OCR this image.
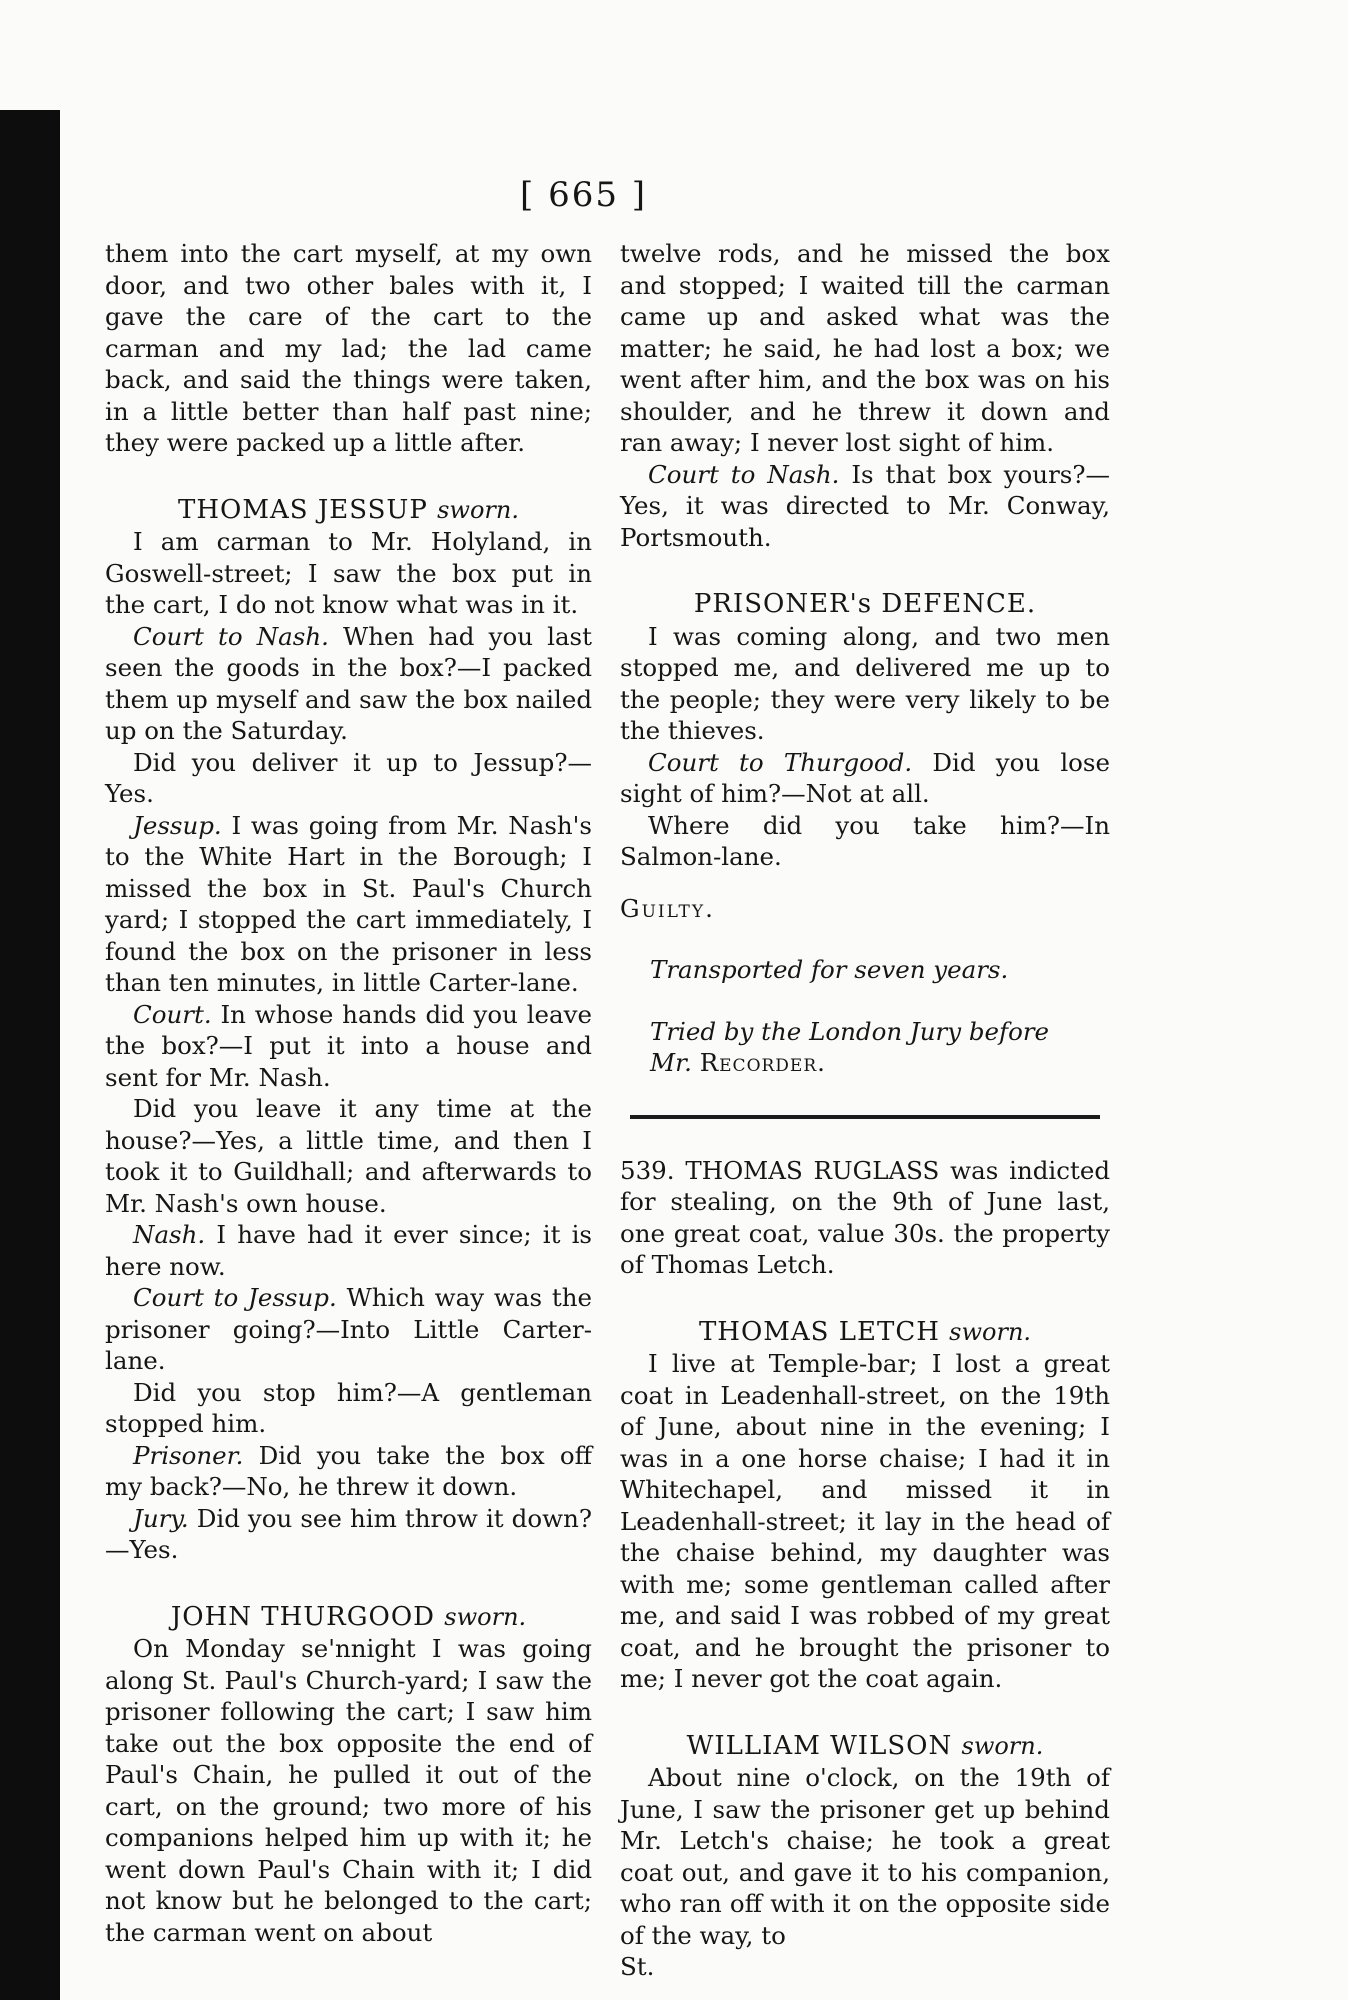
[ 665 ]

them into the cart myself, at my own door, and two other bales with it, I gave the care of the cart to the carman and my lad; the lad came back, and said the things were taken, in a little better than half past nine; they were packed up a little after.

THOMAS JESSUP sworn.

I am carman to Mr. Holyland, in Goswell-street; I saw the box put in the cart, I do not know what was in it.

Court to Nash. When had you last seen the goods in the box?—I packed them up myself and saw the box nailed up on the Saturday.

Did you deliver it up to Jessup?—Yes.

Jessup. I was going from Mr. Nash's to the White Hart in the Borough; I missed the box in St. Paul's Church yard; I stopped the cart immediately, I found the box on the prisoner in less than ten minutes, in little Carter-lane.

Court. In whose hands did you leave the box?—I put it into a house and sent for Mr. Nash.

Did you leave it any time at the house?—Yes, a little time, and then I took it to Guildhall; and afterwards to Mr. Nash's own house.

Nash. I have had it ever since; it is here now.

Court to Jessup. Which way was the prisoner going?—Into Little Carter-lane.

Did you stop him?—A gentleman stopped him.

Prisoner. Did you take the box off my back?—No, he threw it down.

Jury. Did you see him throw it down?—Yes.

JOHN THURGOOD sworn.

On Monday se'nnight I was going along St. Paul's Church-yard; I saw the prisoner following the cart; I saw him take out the box opposite the end of Paul's Chain, he pulled it out of the cart, on the ground; two more of his companions helped him up with it; he went down Paul's Chain with it; I did not know but he belonged to the cart; the carman went on about

twelve rods, and he missed the box and stopped; I waited till the carman came up and asked what was the matter; he said, he had lost a box; we went after him, and the box was on his shoulder, and he threw it down and ran away; I never lost sight of him.

Court to Nash. Is that box yours?—Yes, it was directed to Mr. Conway, Portsmouth.

PRISONER's DEFENCE.

I was coming along, and two men stopped me, and delivered me up to the people; they were very likely to be the thieves.

Court to Thurgood. Did you lose sight of him?—Not at all.

Where did you take him?—In Salmon-lane.

Guilty.

Transported for seven years.

Tried by the London Jury before
Mr. Recorder.

539. THOMAS RUGLASS was indicted for stealing, on the 9th of June last, one great coat, value 30s. the property of Thomas Letch.

THOMAS LETCH sworn.

I live at Temple-bar; I lost a great coat in Leadenhall-street, on the 19th of June, about nine in the evening; I was in a one horse chaise; I had it in Whitechapel, and missed it in Leadenhall-street; it lay in the head of the chaise behind, my daughter was with me; some gentleman called after me, and said I was robbed of my great coat, and he brought the prisoner to me; I never got the coat again.

WILLIAM WILSON sworn.

About nine o'clock, on the 19th of June, I saw the prisoner get up behind Mr. Letch's chaise; he took a great coat out, and gave it to his companion, who ran off with it on the opposite side of the way, to

St.
